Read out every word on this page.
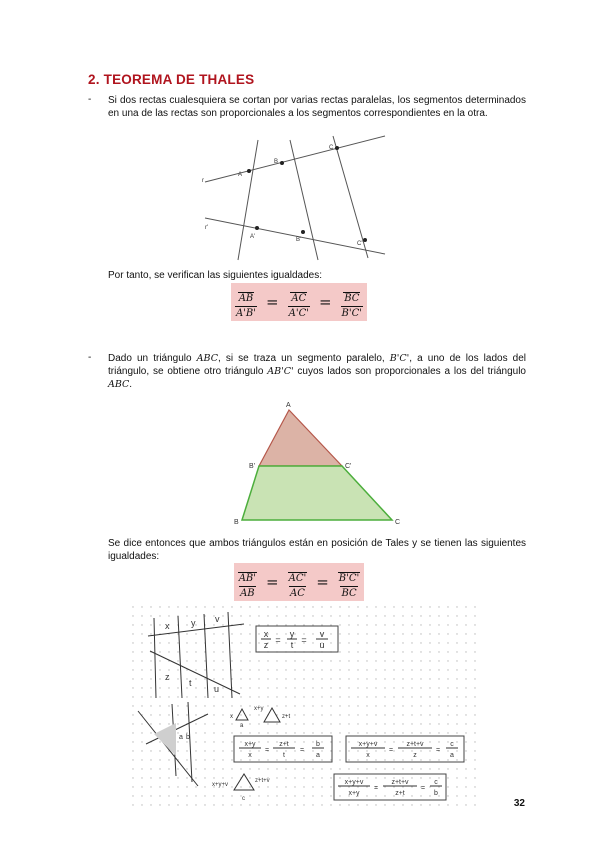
2. TEOREMA DE THALES
- Si dos rectas cualesquiera se cortan por varias rectas paralelas, los segmentos determinados en una de las rectas son proporcionales a los segmentos correspondientes en la otra.
r
r'
A
B
C
A'	B'
C'
Por tanto, se verifican las siguientes igualdades:
$\frac{AB}{A'B'} = \frac{AC}{A'C'} = \frac{BC}{B'C'}$
- Dado un triángulo ABC, si se traza un segmento paralelo, B'C', a uno de los lados del triángulo, se obtiene otro triángulo AB'C' cuyos lados son proporcionales a los del triángulo ABC.
A
B'	C'
B	C
Se dice entonces que ambos triángulos están en posición de Tales y se tienen las siguientes igualdades:
$\frac{AB'}{AB} = \frac{AC'}{AC} = \frac{B'C'}{BC}$
x y v
z
t
u
x
z =
y
t =
v
u
a b
x
a
x+y
z+t
x+y+v
z+t+v
c
x+y
x
=
z+t
t
=
b
a
x+y+v
x
=
z+t+v
z
=
c
a
x+y+v
x+y
=
z+t+v
z+t
=
c
b
32
